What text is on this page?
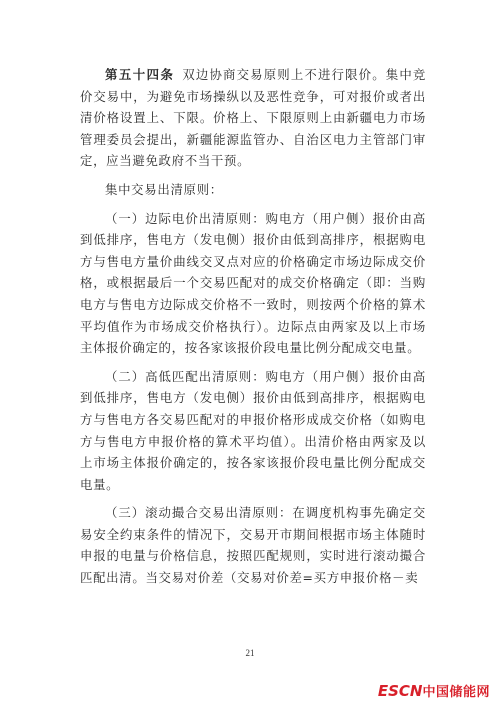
第五十四条 双边协商交易原则上不进行限价。集中竞价交易中，为避免市场操纵以及恶性竞争，可对报价或者出清价格设置上、下限。价格上、下限原则上由新疆电力市场管理委员会提出，新疆能源监管办、自治区电力主管部门审定，应当避免政府不当干预。

集中交易出清原则：

（一）边际电价出清原则：购电方（用户侧）报价由高到低排序，售电方（发电侧）报价由低到高排序，根据购电方与售电方量价曲线交叉点对应的价格确定市场边际成交价格，或根据最后一个交易匹配对的成交价格确定（即：当购电方与售电方边际成交价格不一致时，则按两个价格的算术平均值作为市场成交价格执行）。边际点由两家及以上市场主体报价确定的，按各家该报价段电量比例分配成交电量。

（二）高低匹配出清原则：购电方（用户侧）报价由高到低排序，售电方（发电侧）报价由低到高排序，根据购电方与售电方各交易匹配对的申报价格形成成交价格（如购电方与售电方申报价格的算术平均值）。出清价格由两家及以上市场主体报价确定的，按各家该报价段电量比例分配成交电量。

（三）滚动撮合交易出清原则：在调度机构事先确定交易安全约束条件的情况下，交易开市期间根据市场主体随时申报的电量与价格信息，按照匹配规则，实时进行滚动撮合匹配出清。当交易对价差（交易对价差=买方申报价格－卖

21
ESCN中国储能网
